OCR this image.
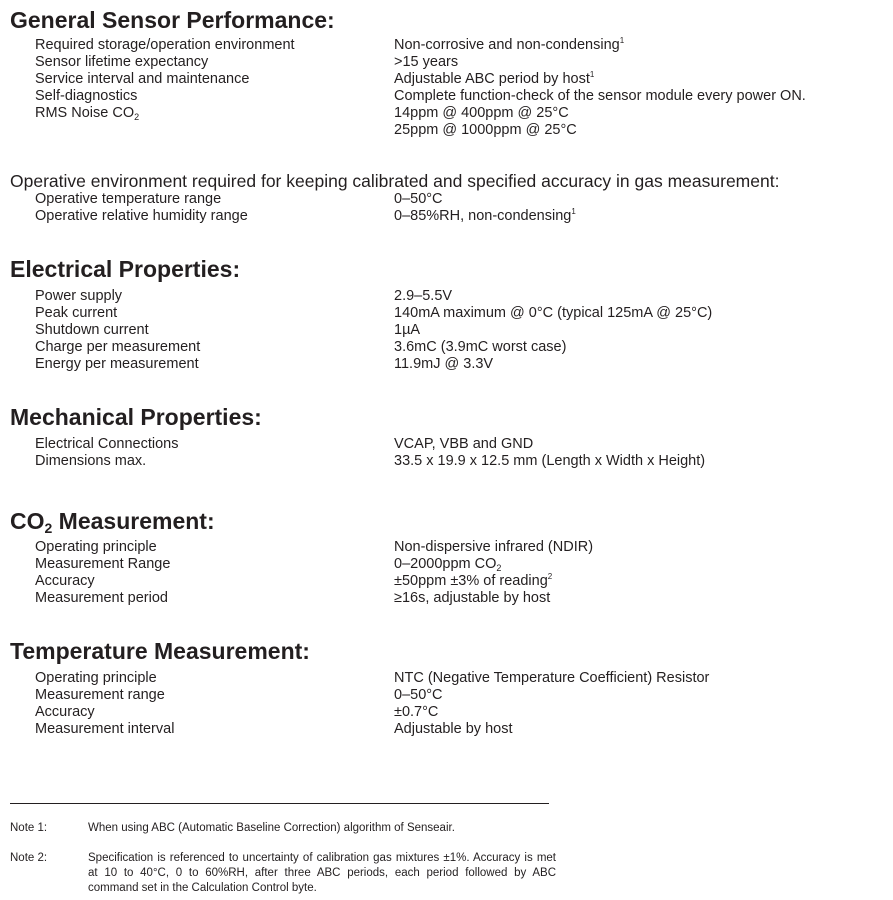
General Sensor Performance:
Required storage/operation environment	Non-corrosive and non-condensing$^1$
Sensor lifetime expectancy	>15 years
Service interval and maintenance	Adjustable ABC period by host$^1$
Self-diagnostics	Complete function-check of the sensor module every power ON.
RMS Noise $CO_2$	14ppm @ 400ppm @ 25°C
25ppm @ 1000ppm @ 25°C

Operative environment required for keeping calibrated and specified accuracy in gas measurement:

Operative temperature range	0–50°C
Operative relative humidity range	0–85%RH, non-condensing$^1$
Electrical Properties:
Power supply	2.9–5.5V
Peak current	140mA maximum @ 0°C (typical 125mA @ 25°C)
Shutdown current	1µA
Charge per measurement	3.6mC (3.9mC worst case)
Energy per measurement	11.9mJ @ 3.3V
Mechanical Properties:
Electrical Connections	VCAP, VBB and GND
Dimensions max.	33.5 x 19.9 x 12.5 mm (Length x Width x Height)
$CO_2$ Measurement:
Operating principle	Non-dispersive infrared (NDIR)
Measurement Range	0–2000ppm $CO_2$
Accuracy	±50ppm ±3% of reading$^2$
Measurement period	≥16s, adjustable by host
Temperature Measurement:
Operating principle	NTC (Negative Temperature Coefficient) Resistor
Measurement range	0–50°C
Accuracy	±0.7°C
Measurement interval	Adjustable by host
Note 1:	When using ABC (Automatic Baseline Correction) algorithm of Senseair.
Note 2:	Specification is referenced to uncertainty of calibration gas mixtures ±1%. Accuracy is met at 10 to 40°C, 0 to 60%RH, after three ABC periods, each period followed by ABC command set in the Calculation Control byte.
